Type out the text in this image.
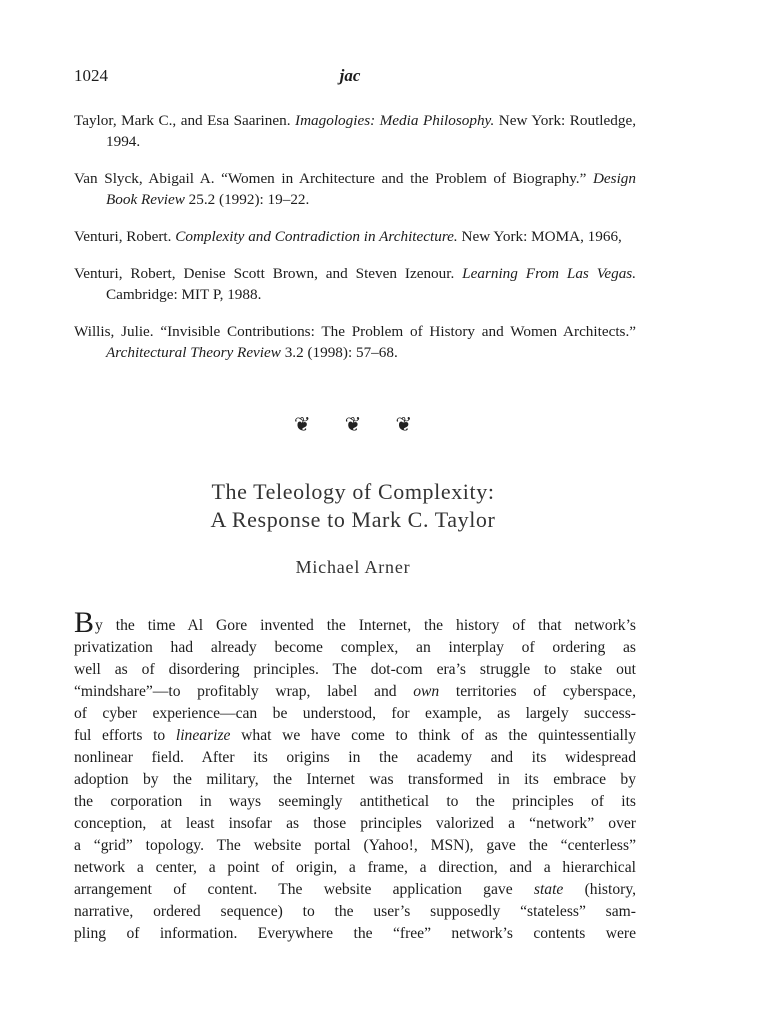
1024	jac
Taylor, Mark C., and Esa Saarinen. Imagologies: Media Philosophy. New York: Routledge, 1994.
Van Slyck, Abigail A. “Women in Architecture and the Problem of Biography.” Design Book Review 25.2 (1992): 19–22.
Venturi, Robert. Complexity and Contradiction in Architecture. New York: MOMA, 1966,
Venturi, Robert, Denise Scott Brown, and Steven Izenour. Learning From Las Vegas. Cambridge: MIT P, 1988.
Willis, Julie. “Invisible Contributions: The Problem of History and Women Architects.” Architectural Theory Review 3.2 (1998): 57–68.
❦ ❦ ❦
The Teleology of Complexity:
A Response to Mark C. Taylor
Michael Arner
By the time Al Gore invented the Internet, the history of that network’s
privatization had already become complex, an interplay of ordering as
well as of disordering principles. The dot-com era’s struggle to stake out
“mindshare”—to profitably wrap, label and own territories of cyberspace,
of cyber experience—can be understood, for example, as largely success-
ful efforts to linearize what we have come to think of as the quintessentially
nonlinear field. After its origins in the academy and its widespread
adoption by the military, the Internet was transformed in its embrace by
the corporation in ways seemingly antithetical to the principles of its
conception, at least insofar as those principles valorized a “network” over
a “grid” topology. The website portal (Yahoo!, MSN), gave the “centerless”
network a center, a point of origin, a frame, a direction, and a hierarchical
arrangement of content. The website application gave state (history,
narrative, ordered sequence) to the user’s supposedly “stateless” sam-
pling of information. Everywhere the “free” network’s contents were
